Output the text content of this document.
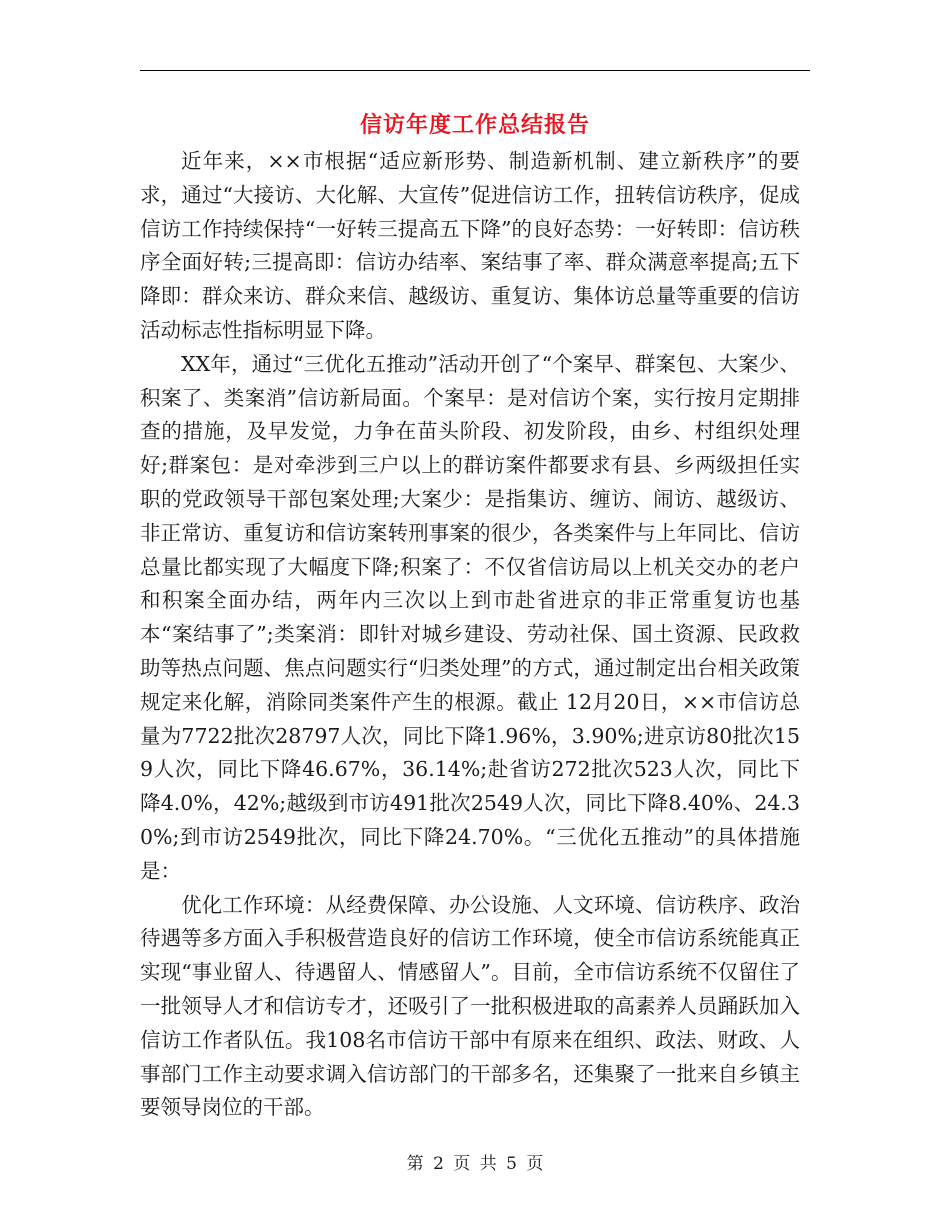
信访年度工作总结报告

近年来，××市根据“适应新形势、制造新机制、建立新秩序”的要求，通过“大接访、大化解、大宣传”促进信访工作，扭转信访秩序，促成信访工作持续保持“一好转三提高五下降”的良好态势：一好转即：信访秩序全面好转;三提高即：信访办结率、案结事了率、群众满意率提高;五下降即：群众来访、群众来信、越级访、重复访、集体访总量等重要的信访活动标志性指标明显下降。

XX年，通过“三优化五推动”活动开创了“个案早、群案包、大案少、积案了、类案消”信访新局面。个案早：是对信访个案，实行按月定期排查的措施，及早发觉，力争在苗头阶段、初发阶段，由乡、村组织处理好;群案包：是对牵涉到三户以上的群访案件都要求有县、乡两级担任实职的党政领导干部包案处理;大案少：是指集访、缠访、闹访、越级访、非正常访、重复访和信访案转刑事案的很少，各类案件与上年同比、信访总量比都实现了大幅度下降;积案了：不仅省信访局以上机关交办的老户和积案全面办结，两年内三次以上到市赴省进京的非正常重复访也基本“案结事了”;类案消：即针对城乡建设、劳动社保、国土资源、民政救助等热点问题、焦点问题实行“归类处理”的方式，通过制定出台相关政策规定来化解，消除同类案件产生的根源。截止 12月20日，××市信访总量为7722批次28797人次，同比下降1.96%，3.90%;进京访80批次159人次，同比下降46.67%，36.14%;赴省访272批次523人次，同比下降4.0%，42%;越级到市访491批次2549人次，同比下降8.40%、24.30%;到市访2549批次，同比下降24.70%。“三优化五推动”的具体措施是：

优化工作环境：从经费保障、办公设施、人文环境、信访秩序、政治待遇等多方面入手积极营造良好的信访工作环境，使全市信访系统能真正实现“事业留人、待遇留人、情感留人”。目前，全市信访系统不仅留住了一批领导人才和信访专才，还吸引了一批积极进取的高素养人员踊跃加入信访工作者队伍。我108名市信访干部中有原来在组织、政法、财政、人事部门工作主动要求调入信访部门的干部多名，还集聚了一批来自乡镇主要领导岗位的干部。

第 2 页 共 5 页
